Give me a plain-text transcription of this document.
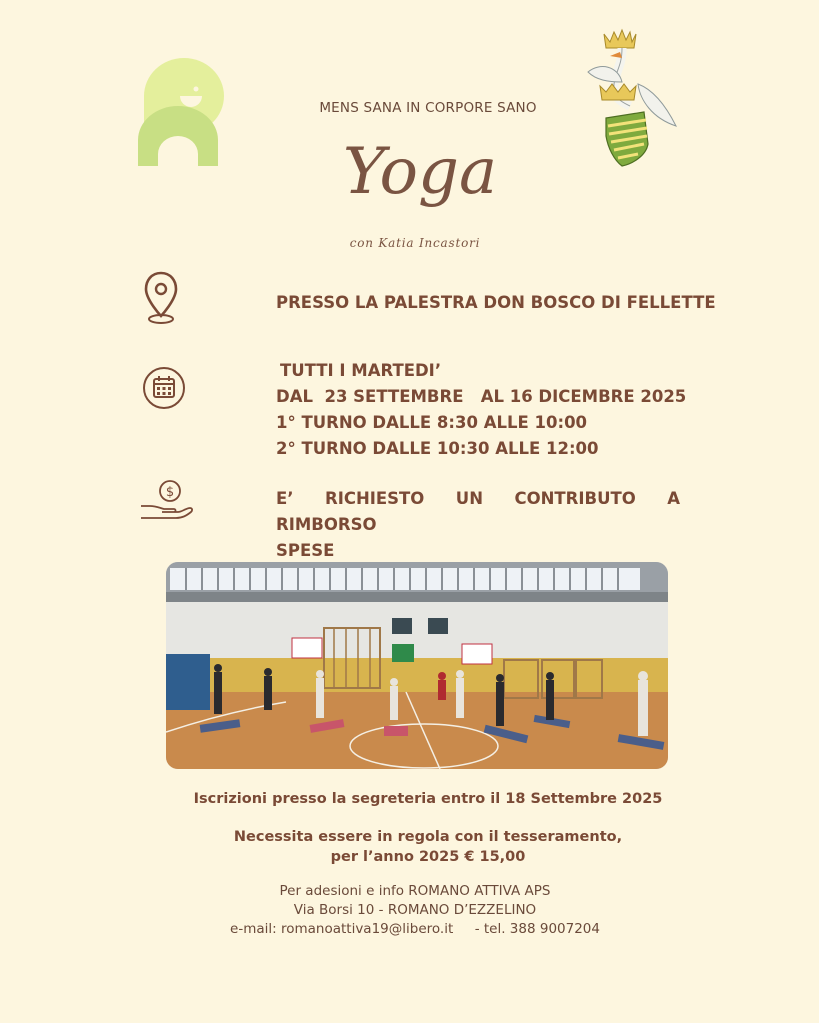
MENS SANA IN CORPORE SANO
Yoga
con Katia Incastori
PRESSO LA PALESTRA DON BOSCO DI FELLETTE
TUTTI I MARTEDI’
DAL  23 SETTEMBRE   AL 16 DICEMBRE 2025
1° TURNO DALLE 8:30 ALLE 10:00
2° TURNO DALLE 10:30 ALLE 12:00
$	E’ RICHIESTO UN CONTRIBUTO A RIMBORSO
SPESE
Iscrizioni presso la segreteria entro il 18 Settembre 2025
Necessita essere in regola con il tesseramento,
per l’anno 2025 € 15,00
Per adesioni e info ROMANO ATTIVA APS
Via Borsi 10 - ROMANO D’EZZELINO
e-mail: romanoattiva19@libero.it     - tel. 388 9007204
